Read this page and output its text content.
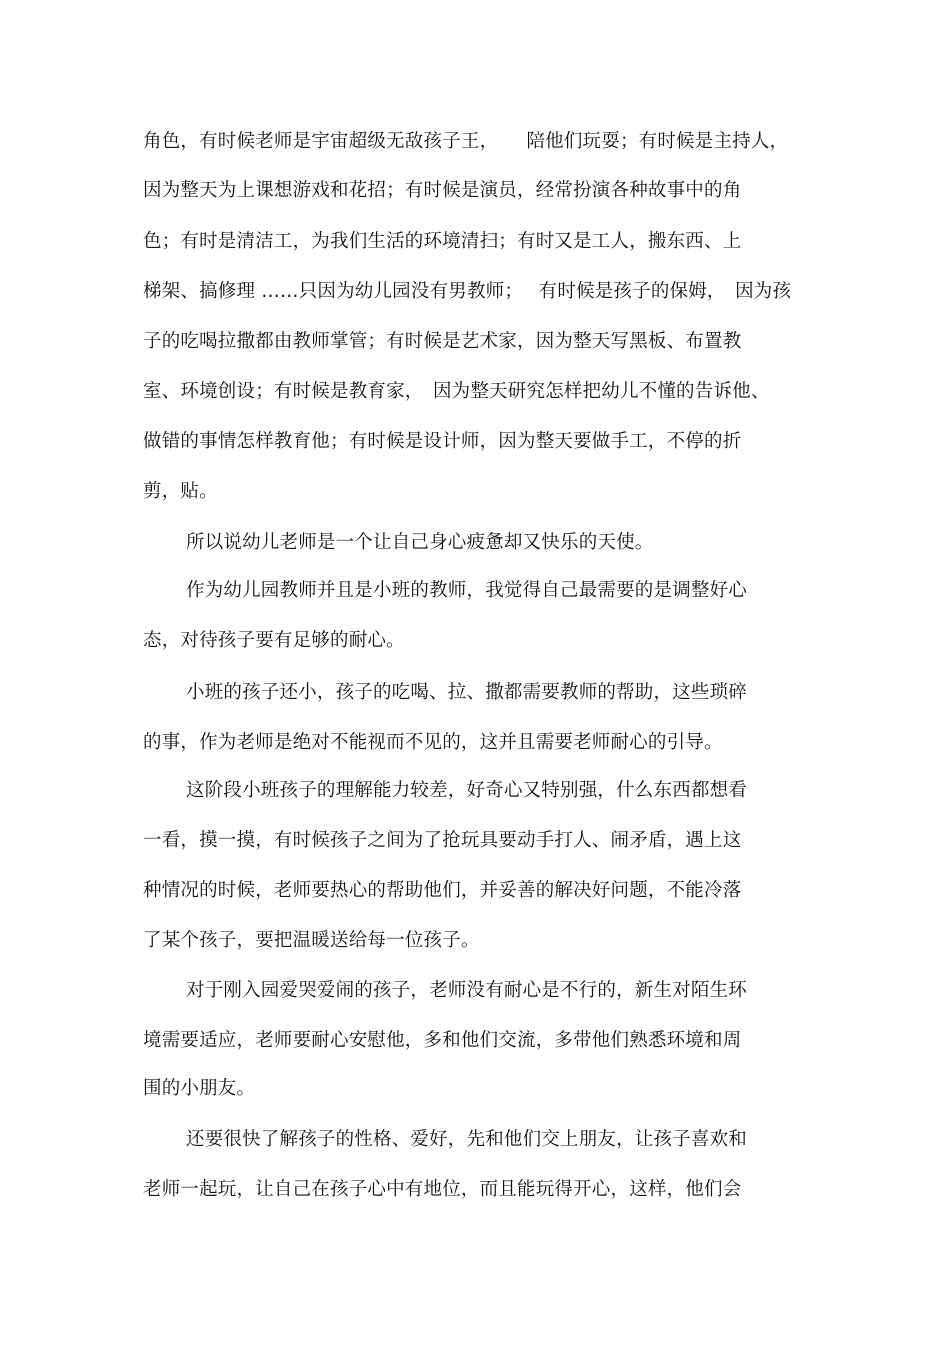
角色，有时候老师是宇宙超级无敌孩子王，　　陪他们玩耍；有时候是主持人，
因为整天为上课想游戏和花招；有时候是演员，经常扮演各种故事中的角
色；有时是清洁工，为我们生活的环境清扫；有时又是工人，搬东西、上
梯架、搞修理 ……只因为幼儿园没有男教师；　 有时候是孩子的保姆，　因为孩
子的吃喝拉撒都由教师掌管；有时候是艺术家，因为整天写黑板、布置教
室、环境创设；有时候是教育家，　因为整天研究怎样把幼儿不懂的告诉他、
做错的事情怎样教育他；有时候是设计师，因为整天要做手工，不停的折
剪，贴。
所以说幼儿老师是一个让自己身心疲惫却又快乐的天使。
作为幼儿园教师并且是小班的教师，我觉得自己最需要的是调整好心
态，对待孩子要有足够的耐心。
小班的孩子还小，孩子的吃喝、拉、撒都需要教师的帮助，这些琐碎
的事，作为老师是绝对不能视而不见的，这并且需要老师耐心的引导。
这阶段小班孩子的理解能力较差，好奇心又特别强，什么东西都想看
一看，摸一摸，有时候孩子之间为了抢玩具要动手打人、闹矛盾，遇上这
种情况的时候，老师要热心的帮助他们，并妥善的解决好问题，不能冷落
了某个孩子，要把温暖送给每一位孩子。
对于刚入园爱哭爱闹的孩子，老师没有耐心是不行的，新生对陌生环
境需要适应，老师要耐心安慰他，多和他们交流，多带他们熟悉环境和周
围的小朋友。
还要很快了解孩子的性格、爱好，先和他们交上朋友，让孩子喜欢和
老师一起玩，让自己在孩子心中有地位，而且能玩得开心，这样，他们会
